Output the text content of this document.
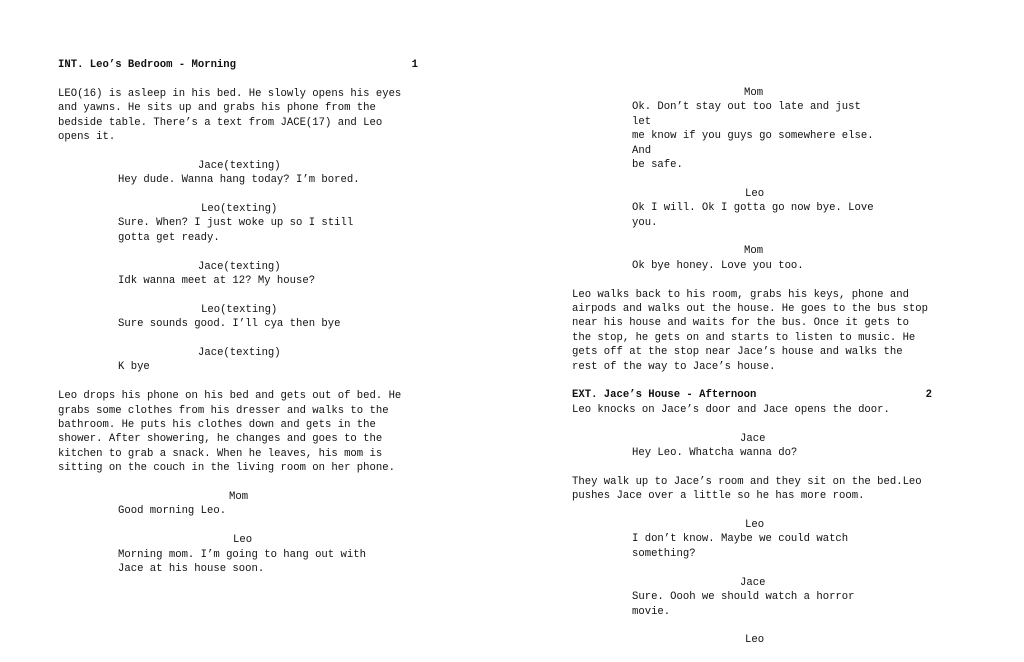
INT. Leo’s Bedroom - Morning	1
LEO(16) is asleep in his bed. He slowly opens his eyes
and yawns. He sits up and grabs his phone from the
bedside table. There’s a text from JACE(17) and Leo
opens it.
Jace(texting)
Hey dude. Wanna hang today? I’m bored.
Leo(texting)
Sure. When? I just woke up so I still
gotta get ready.
Jace(texting)
Idk wanna meet at 12? My house?
Leo(texting)
Sure sounds good. I’ll cya then bye
Jace(texting)
K bye
Leo drops his phone on his bed and gets out of bed. He
grabs some clothes from his dresser and walks to the
bathroom. He puts his clothes down and gets in the
shower. After showering, he changes and goes to the
kitchen to grab a snack. When he leaves, his mom is
sitting on the couch in the living room on her phone.
Mom
Good morning Leo.
Leo
Morning mom. I’m going to hang out with
Jace at his house soon.
Mom
Ok. Don’t stay out too late and just let
me know if you guys go somewhere else. And
be safe.
Leo
Ok I will. Ok I gotta go now bye. Love
you.
Mom
Ok bye honey. Love you too.
Leo walks back to his room, grabs his keys, phone and
airpods and walks out the house. He goes to the bus stop
near his house and waits for the bus. Once it gets to
the stop, he gets on and starts to listen to music. He
gets off at the stop near Jace’s house and walks the
rest of the way to Jace’s house.
EXT. Jace’s House - Afternoon	2
Leo knocks on Jace’s door and Jace opens the door.
Jace
Hey Leo. Whatcha wanna do?
They walk up to Jace’s room and they sit on the bed.Leo
pushes Jace over a little so he has more room.
Leo
I don’t know. Maybe we could watch
something?
Jace
Sure. Oooh we should watch a horror movie.
Leo
